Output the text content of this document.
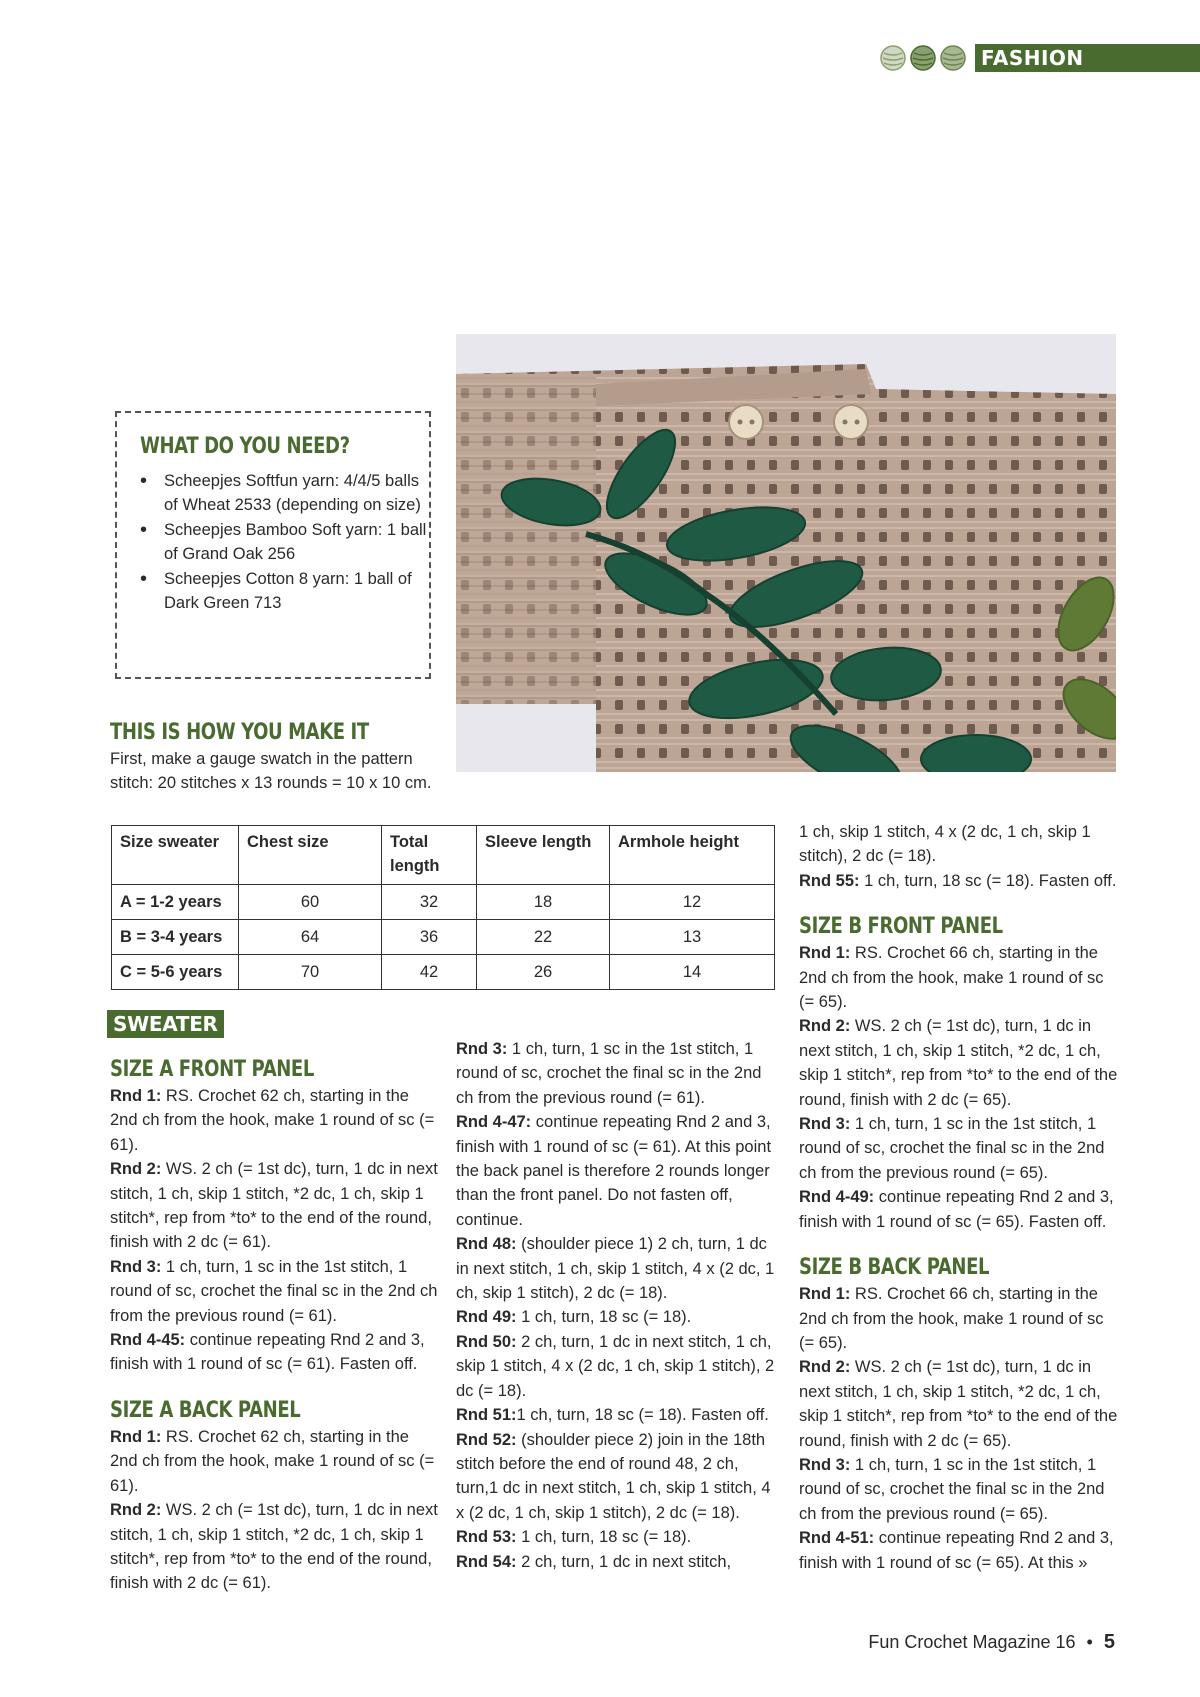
FASHION
WHAT DO YOU NEED?
• Scheepjes Softfun yarn: 4/4/5 balls of Wheat 2533 (depending on size)
• Scheepjes Bamboo Soft yarn: 1 ball of Grand Oak 256
• Scheepjes Cotton 8 yarn: 1 ball of Dark Green 713
THIS IS HOW YOU MAKE IT
First, make a gauge swatch in the pattern stitch: 20 stitches x 13 rounds = 10 x 10 cm.
Size sweater	Chest size	Total length	Sleeve length	Armhole height
A = 1-2 years	60	32	18	12
B = 3-4 years	64	36	22	13
C = 5-6 years	70	42	26	14
SWEATER
SIZE A FRONT PANEL

Rnd 1: RS. Crochet 62 ch, starting in the 2nd ch from the hook, make 1 round of sc (= 61).

Rnd 2: WS. 2 ch (= 1st dc), turn, 1 dc in next stitch, 1 ch, skip 1 stitch, *2 dc, 1 ch, skip 1 stitch*, rep from *to* to the end of the round, finish with 2 dc (= 61).

Rnd 3: 1 ch, turn, 1 sc in the 1st stitch, 1 round of sc, crochet the final sc in the 2nd ch from the previous round (= 61).

Rnd 4-45: continue repeating Rnd 2 and 3, finish with 1 round of sc (= 61). Fasten off.

SIZE A BACK PANEL

Rnd 1: RS. Crochet 62 ch, starting in the 2nd ch from the hook, make 1 round of sc (= 61).

Rnd 2: WS. 2 ch (= 1st dc), turn, 1 dc in next stitch, 1 ch, skip 1 stitch, *2 dc, 1 ch, skip 1 stitch*, rep from *to* to the end of the round, finish with 2 dc (= 61).

Rnd 3: 1 ch, turn, 1 sc in the 1st stitch, 1 round of sc, crochet the final sc in the 2nd ch from the previous round (= 61).

Rnd 4-47: continue repeating Rnd 2 and 3, finish with 1 round of sc (= 61). At this point the back panel is therefore 2 rounds longer than the front panel. Do not fasten off, continue.

Rnd 48: (shoulder piece 1) 2 ch, turn, 1 dc in next stitch, 1 ch, skip 1 stitch, 4 x (2 dc, 1 ch, skip 1 stitch), 2 dc (= 18).

Rnd 49: 1 ch, turn, 18 sc (= 18).

Rnd 50: 2 ch, turn, 1 dc in next stitch, 1 ch, skip 1 stitch, 4 x (2 dc, 1 ch, skip 1 stitch), 2 dc (= 18).

Rnd 51:1 ch, turn, 18 sc (= 18). Fasten off.

Rnd 52: (shoulder piece 2) join in the 18th stitch before the end of round 48, 2 ch, turn,1 dc in next stitch, 1 ch, skip 1 stitch, 4 x (2 dc, 1 ch, skip 1 stitch), 2 dc (= 18).

Rnd 53: 1 ch, turn, 18 sc (= 18).

Rnd 54: 2 ch, turn, 1 dc in next stitch,

1 ch, skip 1 stitch, 4 x (2 dc, 1 ch, skip 1 stitch), 2 dc (= 18).

Rnd 55: 1 ch, turn, 18 sc (= 18). Fasten off.

SIZE B FRONT PANEL

Rnd 1: RS. Crochet 66 ch, starting in the 2nd ch from the hook, make 1 round of sc (= 65).

Rnd 2: WS. 2 ch (= 1st dc), turn, 1 dc in next stitch, 1 ch, skip 1 stitch, *2 dc, 1 ch, skip 1 stitch*, rep from *to* to the end of the round, finish with 2 dc (= 65).

Rnd 3: 1 ch, turn, 1 sc in the 1st stitch, 1 round of sc, crochet the final sc in the 2nd ch from the previous round (= 65).

Rnd 4-49: continue repeating Rnd 2 and 3, finish with 1 round of sc (= 65). Fasten off.

SIZE B BACK PANEL

Rnd 1: RS. Crochet 66 ch, starting in the 2nd ch from the hook, make 1 round of sc (= 65).

Rnd 2: WS. 2 ch (= 1st dc), turn, 1 dc in next stitch, 1 ch, skip 1 stitch, *2 dc, 1 ch, skip 1 stitch*, rep from *to* to the end of the round, finish with 2 dc (= 65).

Rnd 3: 1 ch, turn, 1 sc in the 1st stitch, 1 round of sc, crochet the final sc in the 2nd ch from the previous round (= 65).

Rnd 4-51: continue repeating Rnd 2 and 3, finish with 1 round of sc (= 65). At this »

Fun Crochet Magazine 16 • 5
